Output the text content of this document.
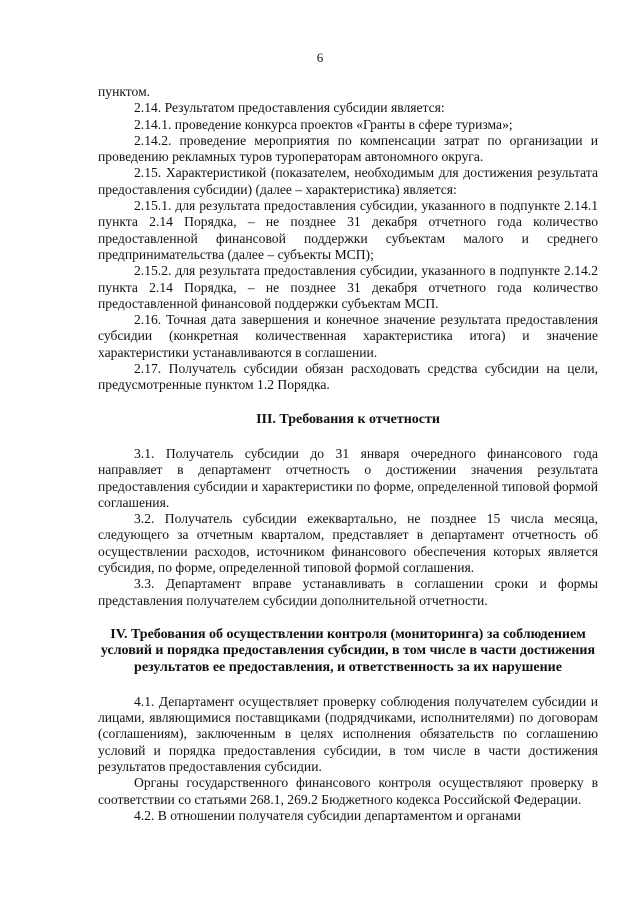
6

пунктом.

2.14. Результатом предоставления субсидии является:

2.14.1. проведение конкурса проектов «Гранты в сфере туризма»;

2.14.2. проведение мероприятия по компенсации затрат по организации и проведению рекламных туров туроператорам автономного округа.

2.15. Характеристикой (показателем, необходимым для достижения результата предоставления субсидии) (далее – характеристика) является:

2.15.1. для результата предоставления субсидии, указанного в подпункте 2.14.1 пункта 2.14 Порядка, – не позднее 31 декабря отчетного года количество предоставленной финансовой поддержки субъектам малого и среднего предпринимательства (далее – субъекты МСП);

2.15.2. для результата предоставления субсидии, указанного в подпункте 2.14.2 пункта 2.14 Порядка, – не позднее 31 декабря отчетного года количество предоставленной финансовой поддержки субъектам МСП.

2.16. Точная дата завершения и конечное значение результата предоставления субсидии (конкретная количественная характеристика итога) и значение характеристики устанавливаются в соглашении.

2.17. Получатель субсидии обязан расходовать средства субсидии на цели, предусмотренные пунктом 1.2 Порядка.

III. Требования к отчетности

3.1. Получатель субсидии до 31 января очередного финансового года направляет в департамент отчетность о достижении значения результата предоставления субсидии и характеристики по форме, определенной типовой формой соглашения.

3.2. Получатель субсидии ежеквартально, не позднее 15 числа месяца, следующего за отчетным кварталом, представляет в департамент отчетность об осуществлении расходов, источником финансового обеспечения которых является субсидия, по форме, определенной типовой формой соглашения.

3.3. Департамент вправе устанавливать в соглашении сроки и формы представления получателем субсидии дополнительной отчетности.

IV. Требования об осуществлении контроля (мониторинга) за соблюдением условий и порядка предоставления субсидии, в том числе в части достижения результатов ее предоставления, и ответственность за их нарушение

4.1. Департамент осуществляет проверку соблюдения получателем субсидии и лицами, являющимися поставщиками (подрядчиками, исполнителями) по договорам (соглашениям), заключенным в целях исполнения обязательств по соглашению условий и порядка предоставления субсидии, в том числе в части достижения результатов предоставления субсидии.

Органы государственного финансового контроля осуществляют проверку в соответствии со статьями 268.1, 269.2 Бюджетного кодекса Российской Федерации.

4.2. В отношении получателя субсидии департаментом и органами
